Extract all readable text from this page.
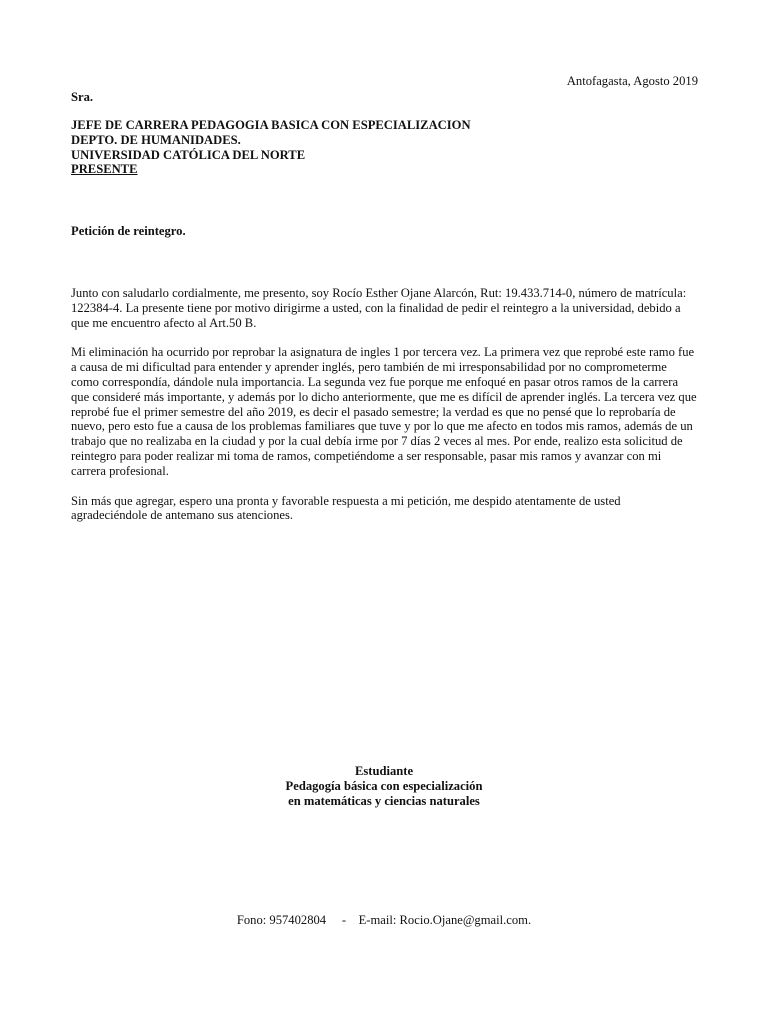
Antofagasta, Agosto 2019
Sra.
JEFE DE CARRERA PEDAGOGIA BASICA CON ESPECIALIZACION
DEPTO. DE HUMANIDADES.
UNIVERSIDAD CATÓLICA DEL NORTE
PRESENTE
Petición de reintegro.

Junto con saludarlo cordialmente, me presento, soy Rocío Esther Ojane Alarcón, Rut: 19.433.714-0, número de matrícula: 122384-4. La presente tiene por motivo dirigirme a usted, con la finalidad de pedir el reintegro a la universidad, debido a que me encuentro afecto al Art.50 B.

Mi eliminación ha ocurrido por reprobar la asignatura de ingles 1 por tercera vez. La primera vez que reprobé este ramo fue a causa de mi dificultad para entender y aprender inglés, pero también de mi irresponsabilidad por no comprometerme como correspondía, dándole nula importancia. La segunda vez fue porque me enfoqué en pasar otros ramos de la carrera que consideré más importante, y además por lo dicho anteriormente, que me es difícil de aprender inglés. La tercera vez que reprobé fue el primer semestre del año 2019, es decir el pasado semestre; la verdad es que no pensé que lo reprobaría de nuevo, pero esto fue a causa de los problemas familiares que tuve y por lo que me afecto en todos mis ramos, además de un trabajo que no realizaba en la ciudad y por la cual debía irme por 7 días 2 veces al mes. Por ende, realizo esta solicitud de reintegro para poder realizar mi toma de ramos, competiéndome a ser responsable, pasar mis ramos y avanzar con mi carrera profesional.

Sin más que agregar, espero una pronta y favorable respuesta a mi petición, me despido atentamente de usted agradeciéndole de antemano sus atenciones.

Estudiante
Pedagogía básica con especialización
en matemáticas y ciencias naturales
Fono: 957402804     -    E-mail: Rocio.Ojane@gmail.com.
